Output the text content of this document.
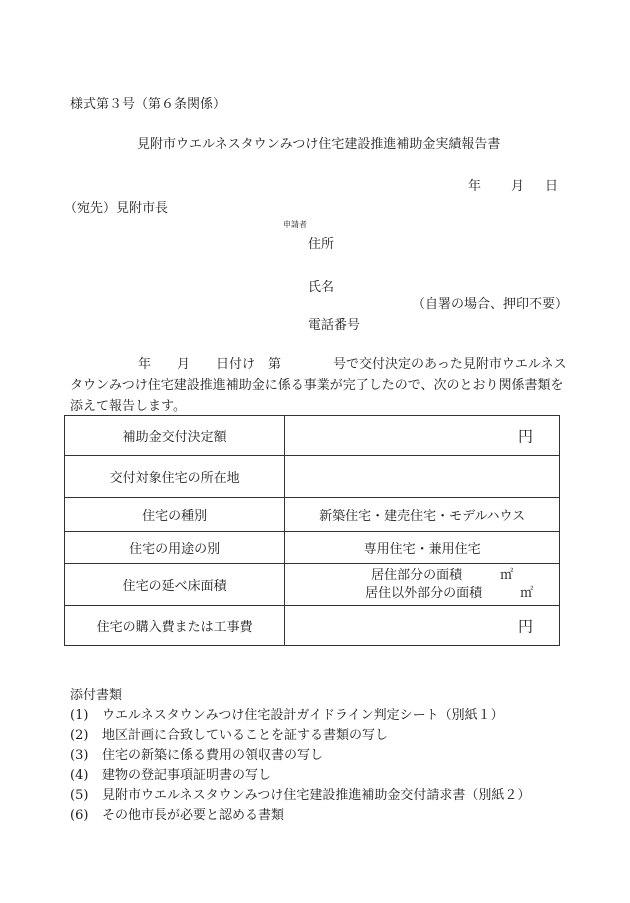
様式第３号（第６条関係）
見附市ウエルネスタウンみつけ住宅建設推進補助金実績報告書
年 月 日
（宛先）見附市長
申請者
住所
氏名
（自署の場合、押印不要）
電話番号
年　　月　　日付け　第　　　　号で交付決定のあった見附市ウエルネスタウンみつけ住宅建設推進補助金に係る事業が完了したので、次のとおり関係書類を添えて報告します。
補助金交付決定額	円

交付対象住宅の所在地	
住宅の種別	新築住宅・建売住宅・モデルハウス
住宅の用途の別	専用住宅・兼用住宅
住宅の延べ床面積	居住部分の面積 ㎡
居住以外部分の面積 ㎡

住宅の購入費または工事費	円
添付書類
(1)	ウエルネスタウンみつけ住宅設計ガイドライン判定シート（別紙１）
(2)	地区計画に合致していることを証する書類の写し
(3)	住宅の新築に係る費用の領収書の写し
(4)	建物の登記事項証明書の写し
(5)	見附市ウエルネスタウンみつけ住宅建設推進補助金交付請求書（別紙２）
(6)	その他市長が必要と認める書類
